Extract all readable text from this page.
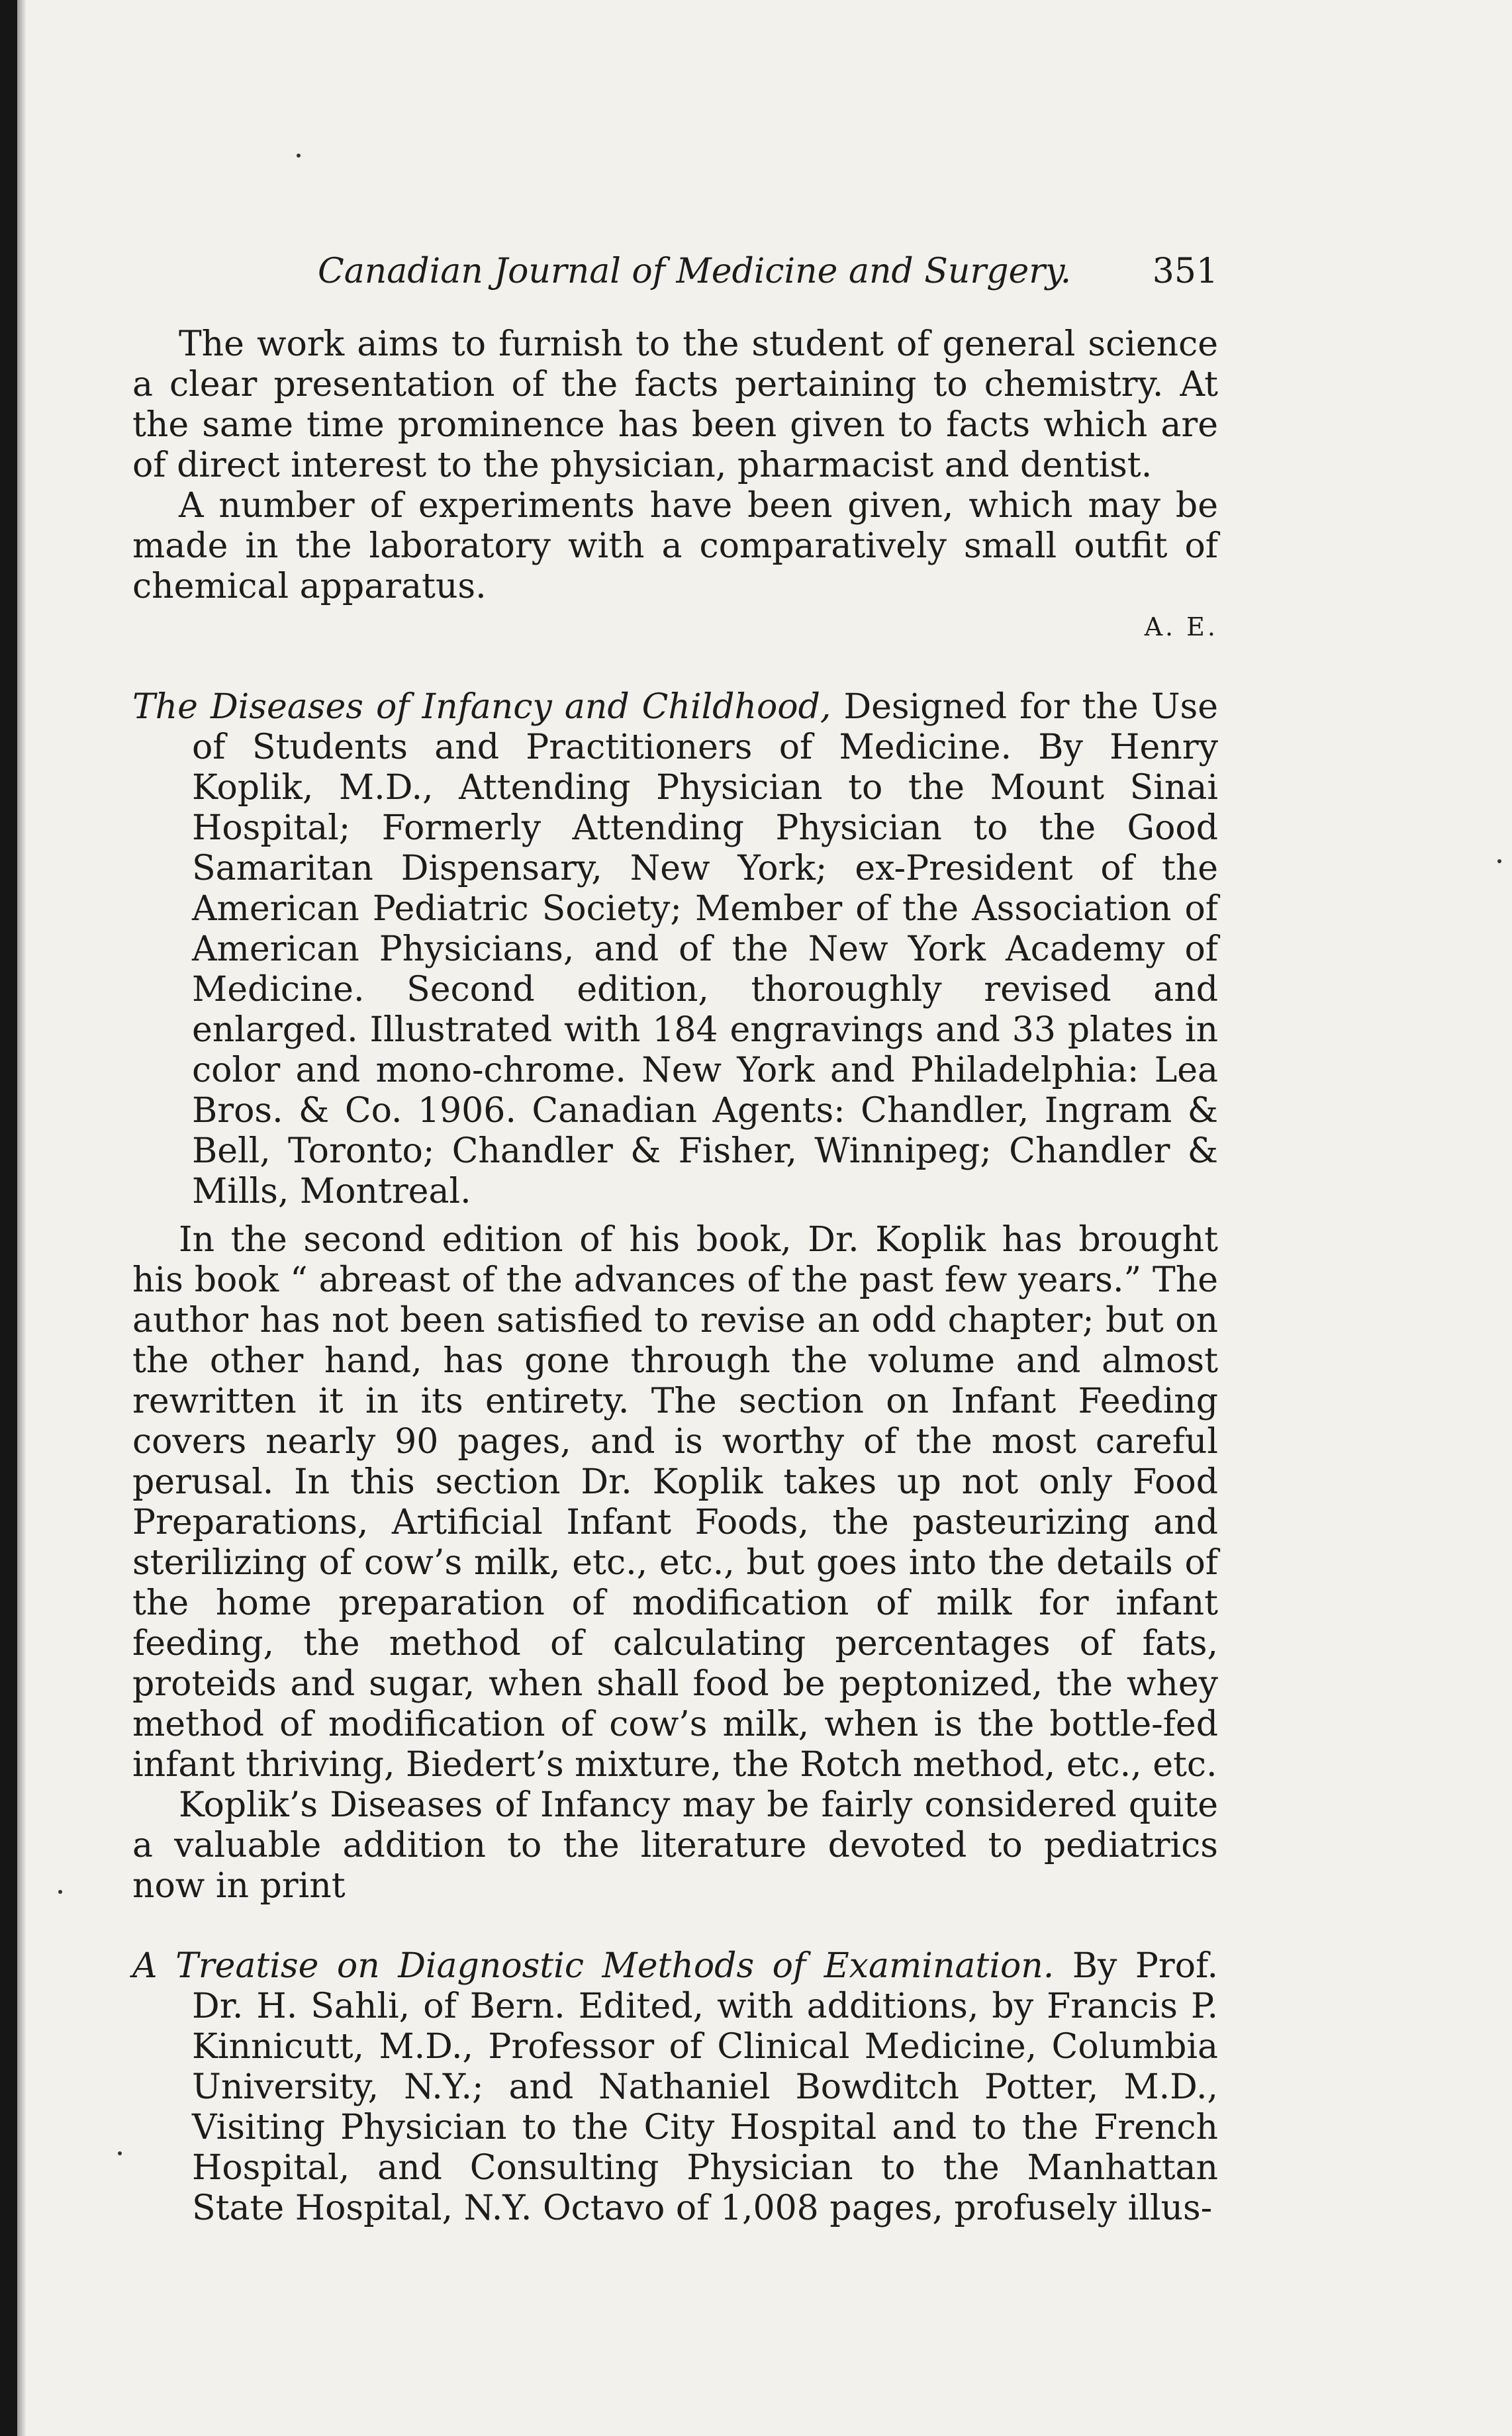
Canadian Journal of Medicine and Surgery. 351

The work aims to furnish to the student of general science a clear presentation of the facts pertaining to chemistry. At the same time prominence has been given to facts which are of direct interest to the physician, pharmacist and dentist.

A number of experiments have been given, which may be made in the laboratory with a comparatively small outfit of chemical apparatus.

A. E.

The Diseases of Infancy and Childhood, Designed for the Use of Students and Practitioners of Medicine. By Henry Koplik, M.D., Attending Physician to the Mount Sinai Hospital; Formerly Attending Physician to the Good Samaritan Dispensary, New York; ex-President of the American Pediatric Society; Member of the Association of American Physicians, and of the New York Academy of Medicine. Second edition, thoroughly revised and enlarged. Illustrated with 184 engravings and 33 plates in color and mono-chrome. New York and Philadelphia: Lea Bros. & Co. 1906. Canadian Agents: Chandler, Ingram & Bell, Toronto; Chandler & Fisher, Winnipeg; Chandler & Mills, Montreal.

In the second edition of his book, Dr. Koplik has brought his book “ abreast of the advances of the past few years.” The author has not been satisfied to revise an odd chapter; but on the other hand, has gone through the volume and almost rewritten it in its entirety. The section on Infant Feeding covers nearly 90 pages, and is worthy of the most careful perusal. In this section Dr. Koplik takes up not only Food Preparations, Artificial Infant Foods, the pasteurizing and sterilizing of cow’s milk, etc., etc., but goes into the details of the home preparation of modification of milk for infant feeding, the method of calculating percentages of fats, proteids and sugar, when shall food be peptonized, the whey method of modification of cow’s milk, when is the bottle-fed infant thriving, Biedert’s mixture, the Rotch method, etc., etc.

Koplik’s Diseases of Infancy may be fairly considered quite a valuable addition to the literature devoted to pediatrics now in print

A Treatise on Diagnostic Methods of Examination. By Prof. Dr. H. Sahli, of Bern. Edited, with additions, by Francis P. Kinnicutt, M.D., Professor of Clinical Medicine, Columbia University, N.Y.; and Nathaniel Bowditch Potter, M.D., Visiting Physician to the City Hospital and to the French Hospital, and Consulting Physician to the Manhattan State Hospital, N.Y. Octavo of 1,008 pages, profusely illus-
